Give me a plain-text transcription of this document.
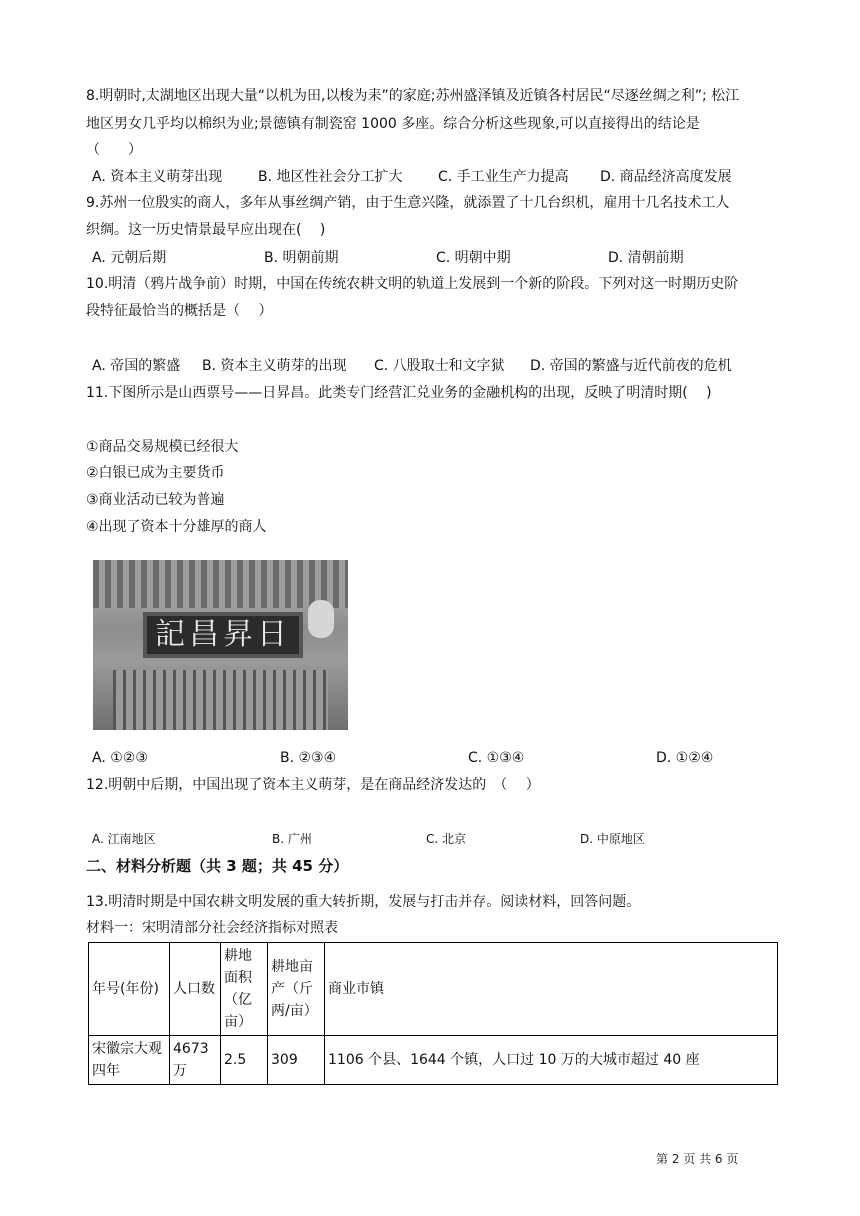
8.明朝时,太湖地区出现大量“以机为田,以梭为耒”的家庭;苏州盛泽镇及近镇各村居民“尽逐丝绸之利”; 松江
地区男女几乎均以棉织为业;景德镇有制瓷窑 1000 多座。综合分析这些现象,可以直接得出的结论是
（　　）
A. 资本主义萌芽出现	B. 地区性社会分工扩大	C. 手工业生产力提高 D. 商品经济高度发展
9.苏州一位殷实的商人，多年从事丝绸产销，由于生意兴隆，就添置了十几台织机，雇用十几名技术工人
织绸。这一历史情景最早应出现在(　 )
A. 元朝后期	B. 明朝前期	C. 明朝中期	D. 清朝前期
10.明清（鸦片战争前）时期，中国在传统农耕文明的轨道上发展到一个新的阶段。下列对这一时期历史阶
段特征最恰当的概括是（　 ）
A. 帝国的繁盛 B. 资本主义萌芽的出现 C. 八股取士和文字狱 D. 帝国的繁盛与近代前夜的危机
11.下图所示是山西票号——日昇昌。此类专门经营汇兑业务的金融机构的出现，反映了明清时期(　 )
①商品交易规模已经很大
②白银已成为主要货币
③商业活动已较为普遍
④出现了资本十分雄厚的商人
記昌昇日
A. ①②③	B. ②③④	C. ①③④	D. ①②④
12.明朝中后期，中国出现了资本主义萌芽，是在商品经济发达的　（　 ）
A. 江南地区	B. 广州	C. 北京	D. 中原地区
二、材料分析题（共 3 题；共 45 分）
13.明清时期是中国农耕文明发展的重大转折期，发展与打击并存。阅读材料，回答问题。
材料一：宋明清部分社会经济指标对照表
年号(年份)	人口数	耕地面积（亿亩）	耕地亩产（斤两/亩）	商业市镇
宋徽宗大观四年	4673 万	2.5	309	1106 个县、1644 个镇，人口过 10 万的大城市超过 40 座
第 2 页 共 6 页
